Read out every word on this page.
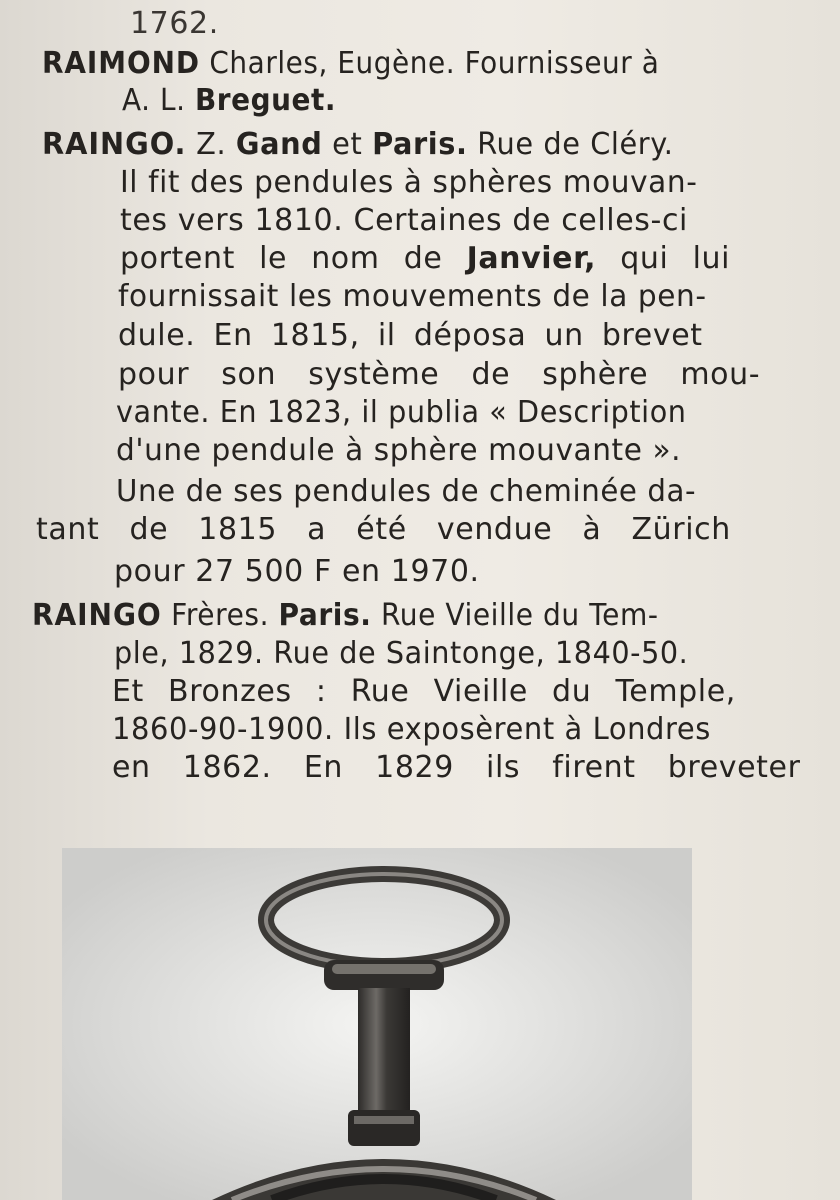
1762.
RAIMOND Charles, Eugène. Fournisseur à
A. L. Breguet.
RAINGO. Z. Gand et Paris. Rue de Cléry.
Il fit des pendules à sphères mouvan-
tes vers 1810. Certaines de celles-ci
portent le nom de Janvier, qui lui
fournissait les mouvements de la pen-
dule. En 1815, il déposa un brevet
pour son système de sphère mou-
vante. En 1823, il publia « Description
d'une pendule à sphère mouvante ».
Une de ses pendules de cheminée da-
tant de 1815 a été vendue à Zürich
pour 27 500 F en 1970.
RAINGO Frères. Paris. Rue Vieille du Tem-
ple, 1829. Rue de Saintonge, 1840-50.
Et Bronzes : Rue Vieille du Temple,
1860-90-1900. Ils exposèrent à Londres
en 1862. En 1829 ils firent breveter
